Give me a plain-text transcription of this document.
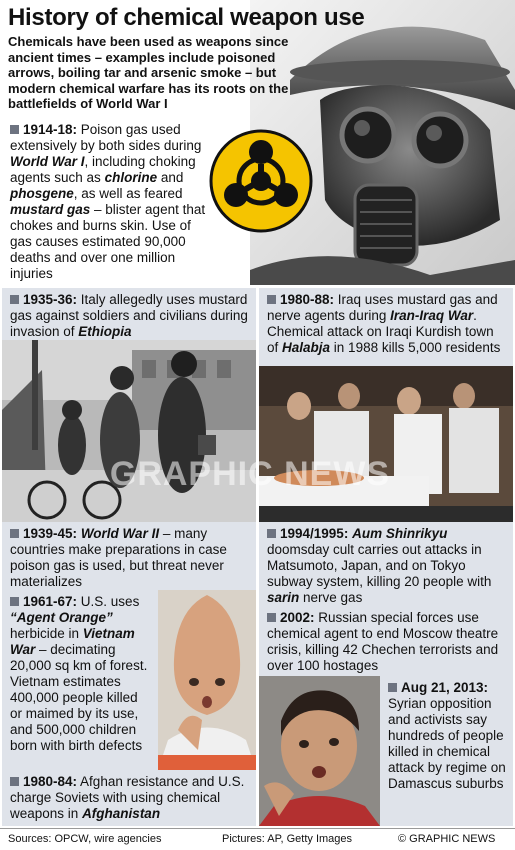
History of chemical weapon use
Chemicals have been used as weapons since ancient times – examples include poisoned arrows, boiling tar and arsenic smoke – but modern chemical warfare has its roots on the battlefields of World War I
1914-18: Poison gas used extensively by both sides during World War I, including choking agents such as chlorine and phosgene, as well as feared mustard gas – blister agent that chokes and burns skin. Use of gas causes estimated 90,000 deaths and over one million injuries
1935-36: Italy allegedly uses mustard gas against soldiers and civilians during invasion of Ethiopia
1980-88: Iraq uses mustard gas and nerve agents during Iran-Iraq War. Chemical attack on Iraqi Kurdish town of Halabja in 1988 kills 5,000 residents
GRAPHIC NEWS
1939-45: World War II – many countries make preparations in case poison gas is used, but threat never materializes
1994/1995: Aum Shinrikyu doomsday cult carries out attacks in Matsumoto, Japan, and on Tokyo subway system, killing 20 people with sarin nerve gas
1961-67: U.S. uses “Agent Orange” herbicide in Vietnam War – decimating 20,000 sq km of forest. Vietnam estimates 400,000 people killed or maimed by its use, and 500,000 children born with birth defects
2002: Russian special forces use chemical agent to end Moscow theatre crisis, killing 42 Chechen terrorists and over 100 hostages
Aug 21, 2013: Syrian opposition and activists say hundreds of people killed in chemical attack by regime on Damascus suburbs
1980-84: Afghan resistance and U.S. charge Soviets with using chemical weapons in Afghanistan
Sources: OPCW, wire agencies	Pictures: AP, Getty Images	© GRAPHIC NEWS
